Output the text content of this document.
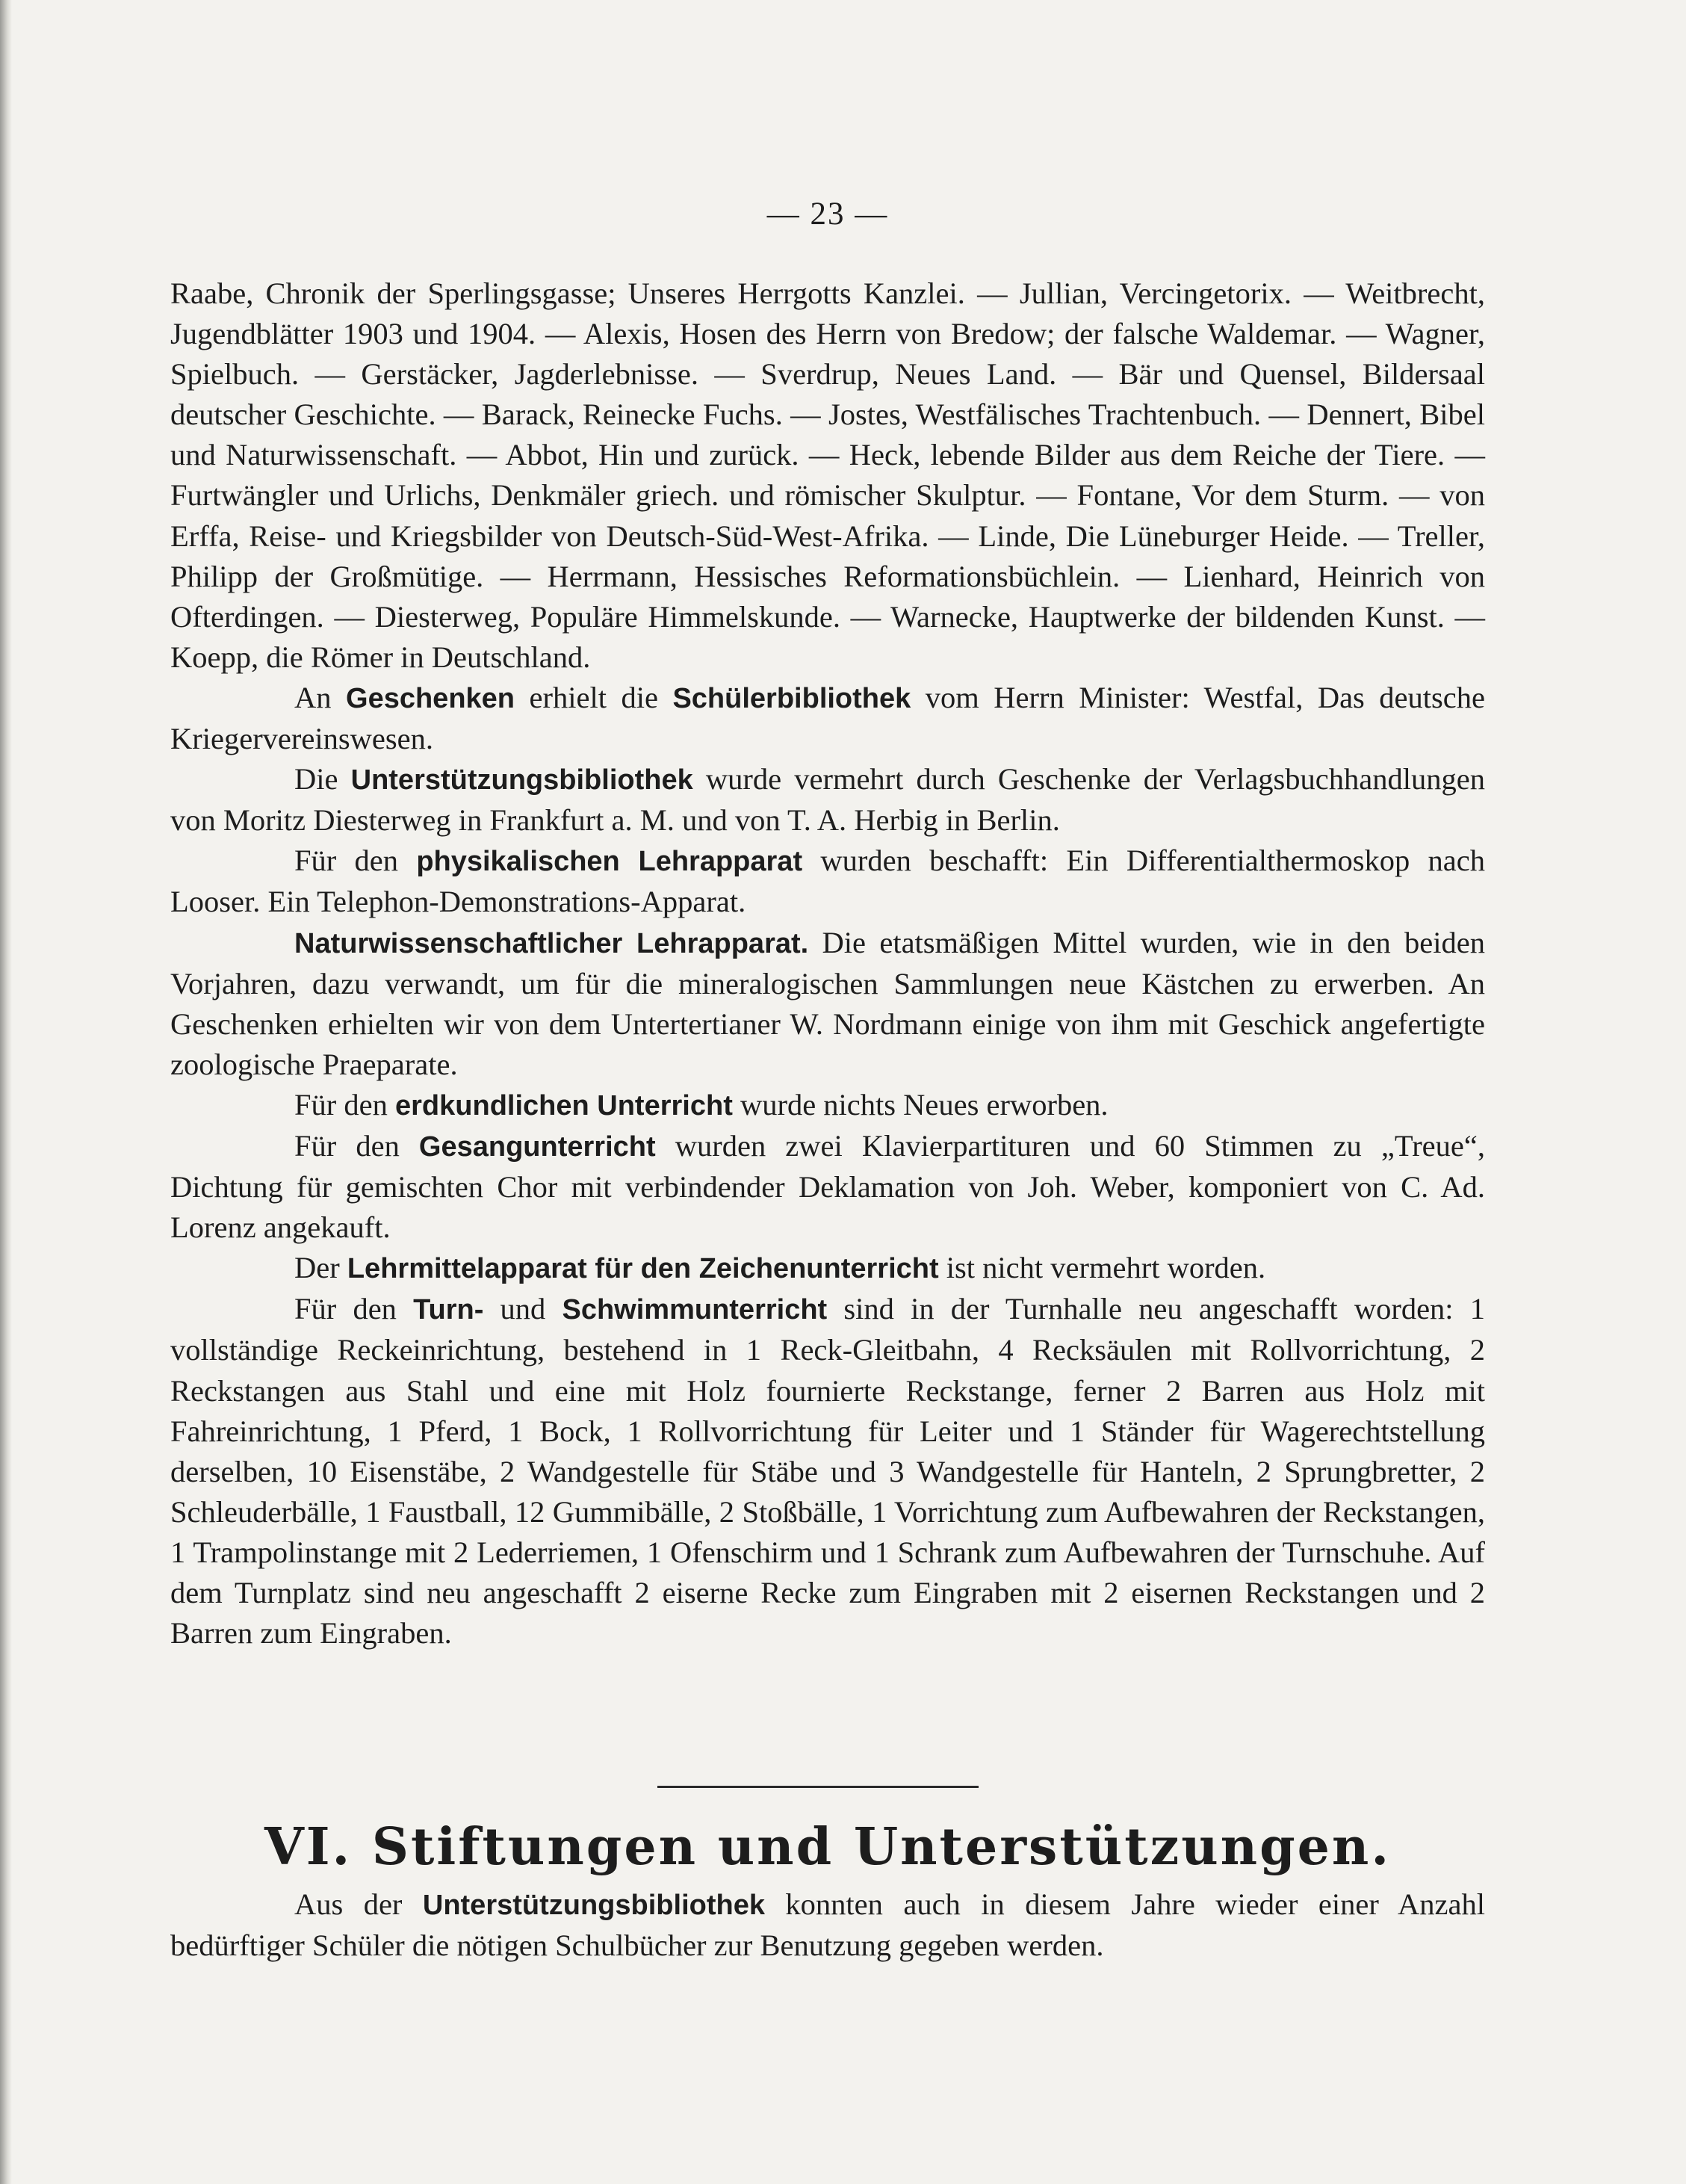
— 23 —

Raabe, Chronik der Sperlingsgasse; Unseres Herrgotts Kanzlei. — Jullian, Vercingetorix. — Weitbrecht, Jugendblätter 1903 und 1904. — Alexis, Hosen des Herrn von Bredow; der falsche Waldemar. — Wagner, Spielbuch. — Gerstäcker, Jagderlebnisse. — Sverdrup, Neues Land. — Bär und Quensel, Bildersaal deutscher Geschichte. — Barack, Reinecke Fuchs. — Jostes, Westfälisches Trachtenbuch. — Dennert, Bibel und Naturwissenschaft. — Abbot, Hin und zurück. — Heck, lebende Bilder aus dem Reiche der Tiere. — Furtwängler und Urlichs, Denkmäler griech. und römischer Skulptur. — Fontane, Vor dem Sturm. — von Erffa, Reise- und Kriegsbilder von Deutsch-Süd-West-Afrika. — Linde, Die Lüneburger Heide. — Treller, Philipp der Großmütige. — Herrmann, Hessisches Reformationsbüchlein. — Lienhard, Heinrich von Ofterdingen. — Diesterweg, Populäre Himmelskunde. — Warnecke, Hauptwerke der bildenden Kunst. — Koepp, die Römer in Deutschland.

An Geschenken erhielt die Schülerbibliothek vom Herrn Minister: Westfal, Das deutsche Kriegervereinswesen.

Die Unterstützungsbibliothek wurde vermehrt durch Geschenke der Verlagsbuchhandlungen von Moritz Diesterweg in Frankfurt a. M. und von T. A. Herbig in Berlin.

Für den physikalischen Lehrapparat wurden beschafft: Ein Differentialthermoskop nach Looser. Ein Telephon-Demonstrations-Apparat.

Naturwissenschaftlicher Lehrapparat. Die etatsmäßigen Mittel wurden, wie in den beiden Vorjahren, dazu verwandt, um für die mineralogischen Sammlungen neue Kästchen zu erwerben. An Geschenken erhielten wir von dem Untertertianer W. Nordmann einige von ihm mit Geschick angefertigte zoologische Praeparate.

Für den erdkundlichen Unterricht wurde nichts Neues erworben.

Für den Gesangunterricht wurden zwei Klavierpartituren und 60 Stimmen zu „Treue“, Dichtung für gemischten Chor mit verbindender Deklamation von Joh. Weber, komponiert von C. Ad. Lorenz angekauft.

Der Lehrmittelapparat für den Zeichenunterricht ist nicht vermehrt worden.

Für den Turn- und Schwimmunterricht sind in der Turnhalle neu angeschafft worden: 1 vollständige Reckeinrichtung, bestehend in 1 Reck-Gleitbahn, 4 Recksäulen mit Rollvorrichtung, 2 Reckstangen aus Stahl und eine mit Holz fournierte Reckstange, ferner 2 Barren aus Holz mit Fahreinrichtung, 1 Pferd, 1 Bock, 1 Rollvorrichtung für Leiter und 1 Ständer für Wagerechtstellung derselben, 10 Eisenstäbe, 2 Wandgestelle für Stäbe und 3 Wandgestelle für Hanteln, 2 Sprungbretter, 2 Schleuderbälle, 1 Faustball, 12 Gummibälle, 2 Stoßbälle, 1 Vorrichtung zum Aufbewahren der Reckstangen, 1 Trampolinstange mit 2 Lederriemen, 1 Ofenschirm und 1 Schrank zum Aufbewahren der Turnschuhe. Auf dem Turnplatz sind neu angeschafft 2 eiserne Recke zum Eingraben mit 2 eisernen Reckstangen und 2 Barren zum Eingraben.

VI. Stiftungen und Unterstützungen.

Aus der Unterstützungsbibliothek konnten auch in diesem Jahre wieder einer Anzahl bedürftiger Schüler die nötigen Schulbücher zur Benutzung gegeben werden.
